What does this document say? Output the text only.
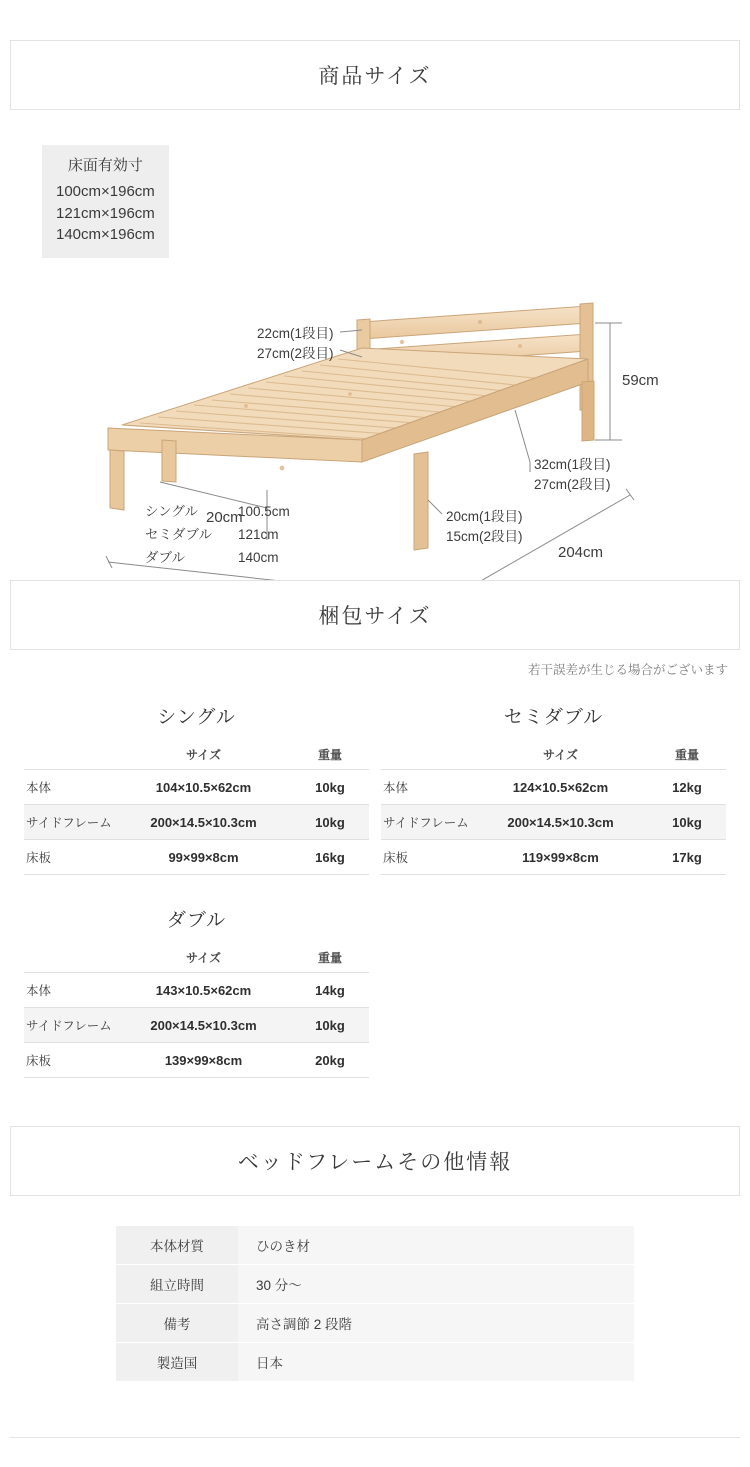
商品サイズ
床面有効寸
100cm×196cm
121cm×196cm
140cm×196cm
22cm(1段目)
27cm(2段目)
59cm
32cm(1段目)
27cm(2段目)
20cm	20cm(1段目)
15cm(2段目)
204cm
シングル	100.5cm
セミダブル	121cm
ダブル	140cm
梱包サイズ
若干誤差が生じる場合がございます
シングル
	サイズ	重量
本体	104×10.5×62cm	10kg
サイドフレーム	200×14.5×10.3cm	10kg
床板	99×99×8cm	16kg
セミダブル
	サイズ	重量
本体	124×10.5×62cm	12kg
サイドフレーム	200×14.5×10.3cm	10kg
床板	119×99×8cm	17kg
ダブル
	サイズ	重量
本体	143×10.5×62cm	14kg
サイドフレーム	200×14.5×10.3cm	10kg
床板	139×99×8cm	20kg
ベッドフレームその他情報
本体材質	ひのき材
組立時間	30 分〜
備考	高さ調節 2 段階
製造国	日本
